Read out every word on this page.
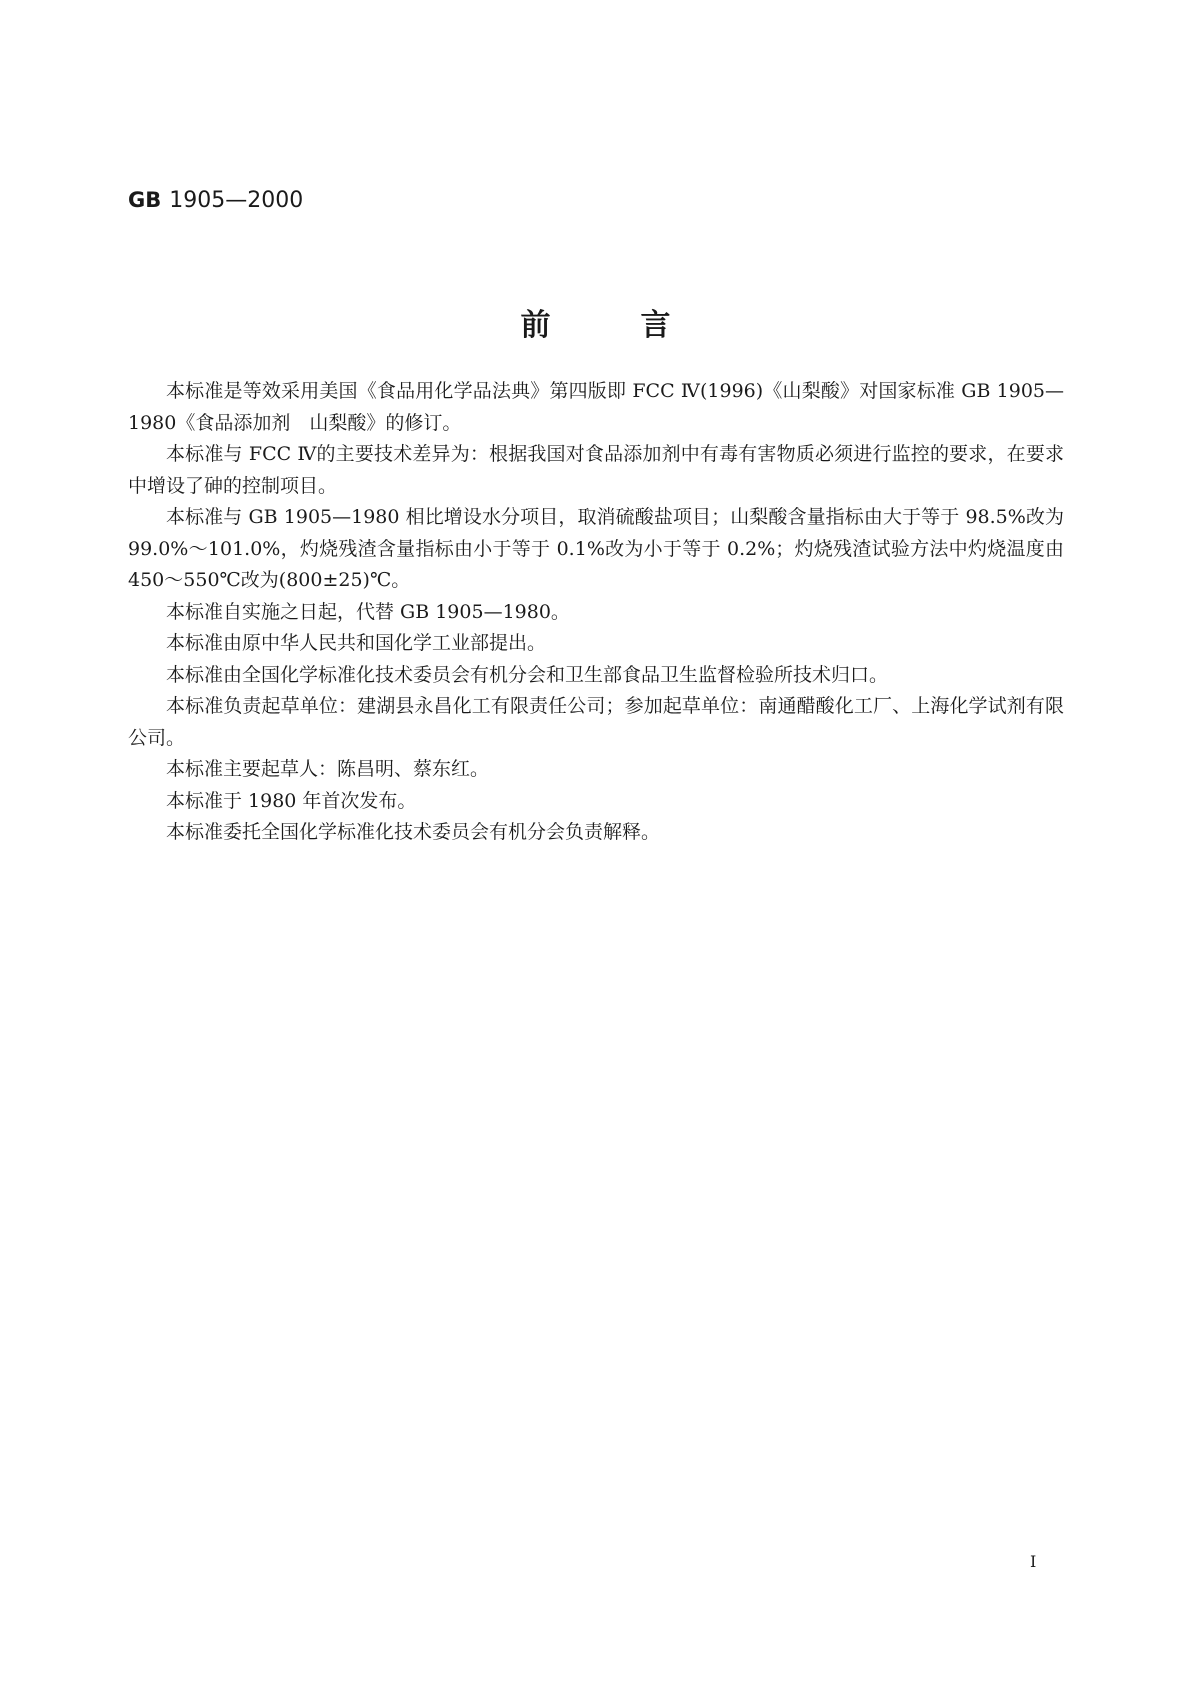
GB 1905—2000
前言

本标准是等效采用美国《食品用化学品法典》第四版即 FCC Ⅳ(1996)《山梨酸》对国家标准 GB 1905—1980《食品添加剂　山梨酸》的修订。

本标准与 FCC Ⅳ的主要技术差异为：根据我国对食品添加剂中有毒有害物质必须进行监控的要求，在要求中增设了砷的控制项目。

本标准与 GB 1905—1980 相比增设水分项目，取消硫酸盐项目；山梨酸含量指标由大于等于 98.5%改为 99.0%～101.0%，灼烧残渣含量指标由小于等于 0.1%改为小于等于 0.2%；灼烧残渣试验方法中灼烧温度由 450～550℃改为(800±25)℃。

本标准自实施之日起，代替 GB 1905—1980。

本标准由原中华人民共和国化学工业部提出。

本标准由全国化学标准化技术委员会有机分会和卫生部食品卫生监督检验所技术归口。

本标准负责起草单位：建湖县永昌化工有限责任公司；参加起草单位：南通醋酸化工厂、上海化学试剂有限公司。

本标准主要起草人：陈昌明、蔡东红。

本标准于 1980 年首次发布。

本标准委托全国化学标准化技术委员会有机分会负责解释。

Ⅰ
